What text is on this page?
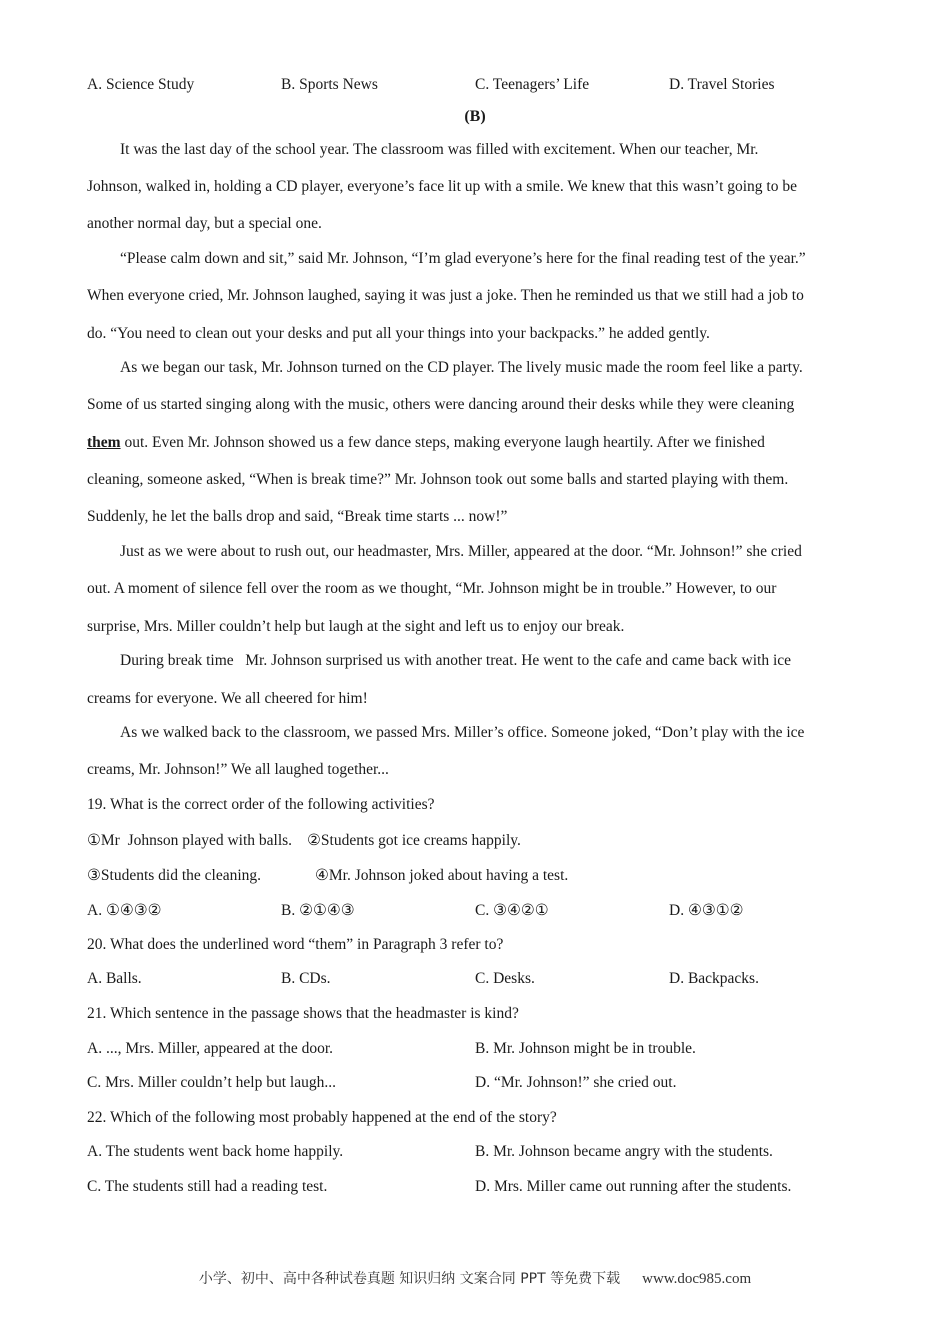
A. Science Study	B. Sports News	C. Teenagers’ Life	D. Travel Stories
(B)
It was the last day of the school year. The classroom was filled with excitement. When our teacher, Mr.
Johnson, walked in, holding a CD player, everyone’s face lit up with a smile. We knew that this wasn’t going to be
another normal day, but a special one.
“Please calm down and sit,” said Mr. Johnson, “I’m glad everyone’s here for the final reading test of the year.”
When everyone cried, Mr. Johnson laughed, saying it was just a joke. Then he reminded us that we still had a job to
do. “You need to clean out your desks and put all your things into your backpacks.” he added gently.
As we began our task, Mr. Johnson turned on the CD player. The lively music made the room feel like a party.
Some of us started singing along with the music, others were dancing around their desks while they were cleaning
them out. Even Mr. Johnson showed us a few dance steps, making everyone laugh heartily. After we finished
cleaning, someone asked, “When is break time?” Mr. Johnson took out some balls and started playing with them.
Suddenly, he let the balls drop and said, “Break time starts ... now!”
Just as we were about to rush out, our headmaster, Mrs. Miller, appeared at the door. “Mr. Johnson!” she cried
out. A moment of silence fell over the room as we thought, “Mr. Johnson might be in trouble.” However, to our
surprise, Mrs. Miller couldn’t help but laugh at the sight and left us to enjoy our break.
During break time   Mr. Johnson surprised us with another treat. He went to the cafe and came back with ice
creams for everyone. We all cheered for him!
As we walked back to the classroom, we passed Mrs. Miller’s office. Someone joked, “Don’t play with the ice
creams, Mr. Johnson!” We all laughed together...
19. What is the correct order of the following activities?
①Mr  Johnson played with balls. ②Students got ice creams happily.
③Students did the cleaning.	④Mr. Johnson joked about having a test.
A. ①④③②	B. ②①④③	C. ③④②①	D. ④③①②
20. What does the underlined word “them” in Paragraph 3 refer to?
A. Balls.	B. CDs.	C. Desks.	D. Backpacks.
21. Which sentence in the passage shows that the headmaster is kind?
A. ..., Mrs. Miller, appeared at the door.	B. Mr. Johnson might be in trouble.
C. Mrs. Miller couldn’t help but laugh...	D. “Mr. Johnson!” she cried out.
22. Which of the following most probably happened at the end of the story?
A. The students went back home happily.	B. Mr. Johnson became angry with the students.
C. The students still had a reading test.	D. Mrs. Miller came out running after the students.
小学、初中、高中各种试卷真题 知识归纳 文案合同 PPT 等免费下载 www.doc985.com
